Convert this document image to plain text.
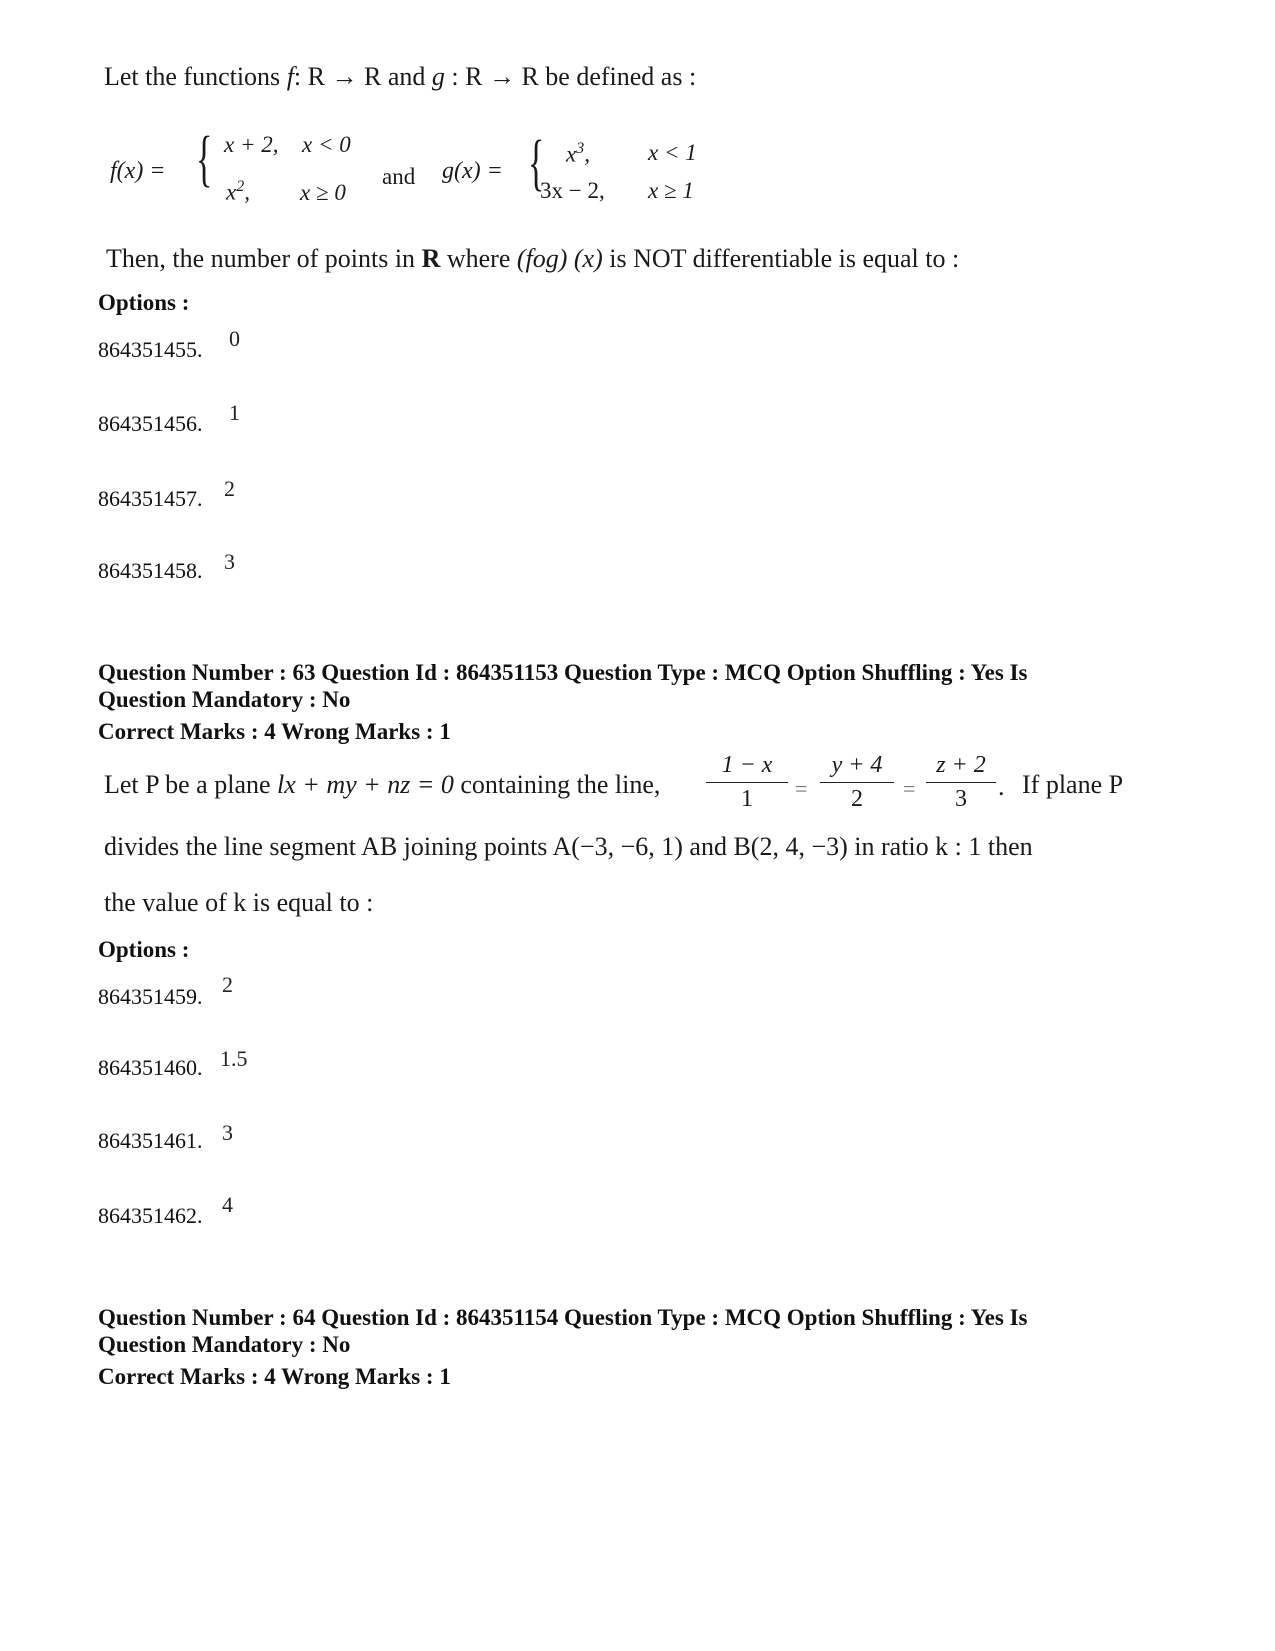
Let the functions f: R → R and g : R → R be defined as :
f(x) = { x + 2, x < 0
$x^2$, x ≥ 0
and g(x) = { $x^3$,	x < 1
3x − 2, x ≥ 1
Then, the number of points in R where (fog) (x) is NOT differentiable is equal to :
Options :
864351455. 0
864351456. 1
864351457. 2
864351458. 3
Question Number : 63 Question Id : 864351153 Question Type : MCQ Option Shuffling : Yes Is
Question Mandatory : No
Correct Marks : 4 Wrong Marks : 1
Let P be a plane lx + my + nz = 0 containing the line,
1 − x
1	=
y + 4
2	=
z + 2
3	. If plane P
divides the line segment AB joining points A(−3, −6, 1) and B(2, 4, −3) in ratio k : 1 then
the value of k is equal to :
Options :
864351459. 2
864351460. 1.5
864351461. 3
864351462. 4
Question Number : 64 Question Id : 864351154 Question Type : MCQ Option Shuffling : Yes Is
Question Mandatory : No
Correct Marks : 4 Wrong Marks : 1
